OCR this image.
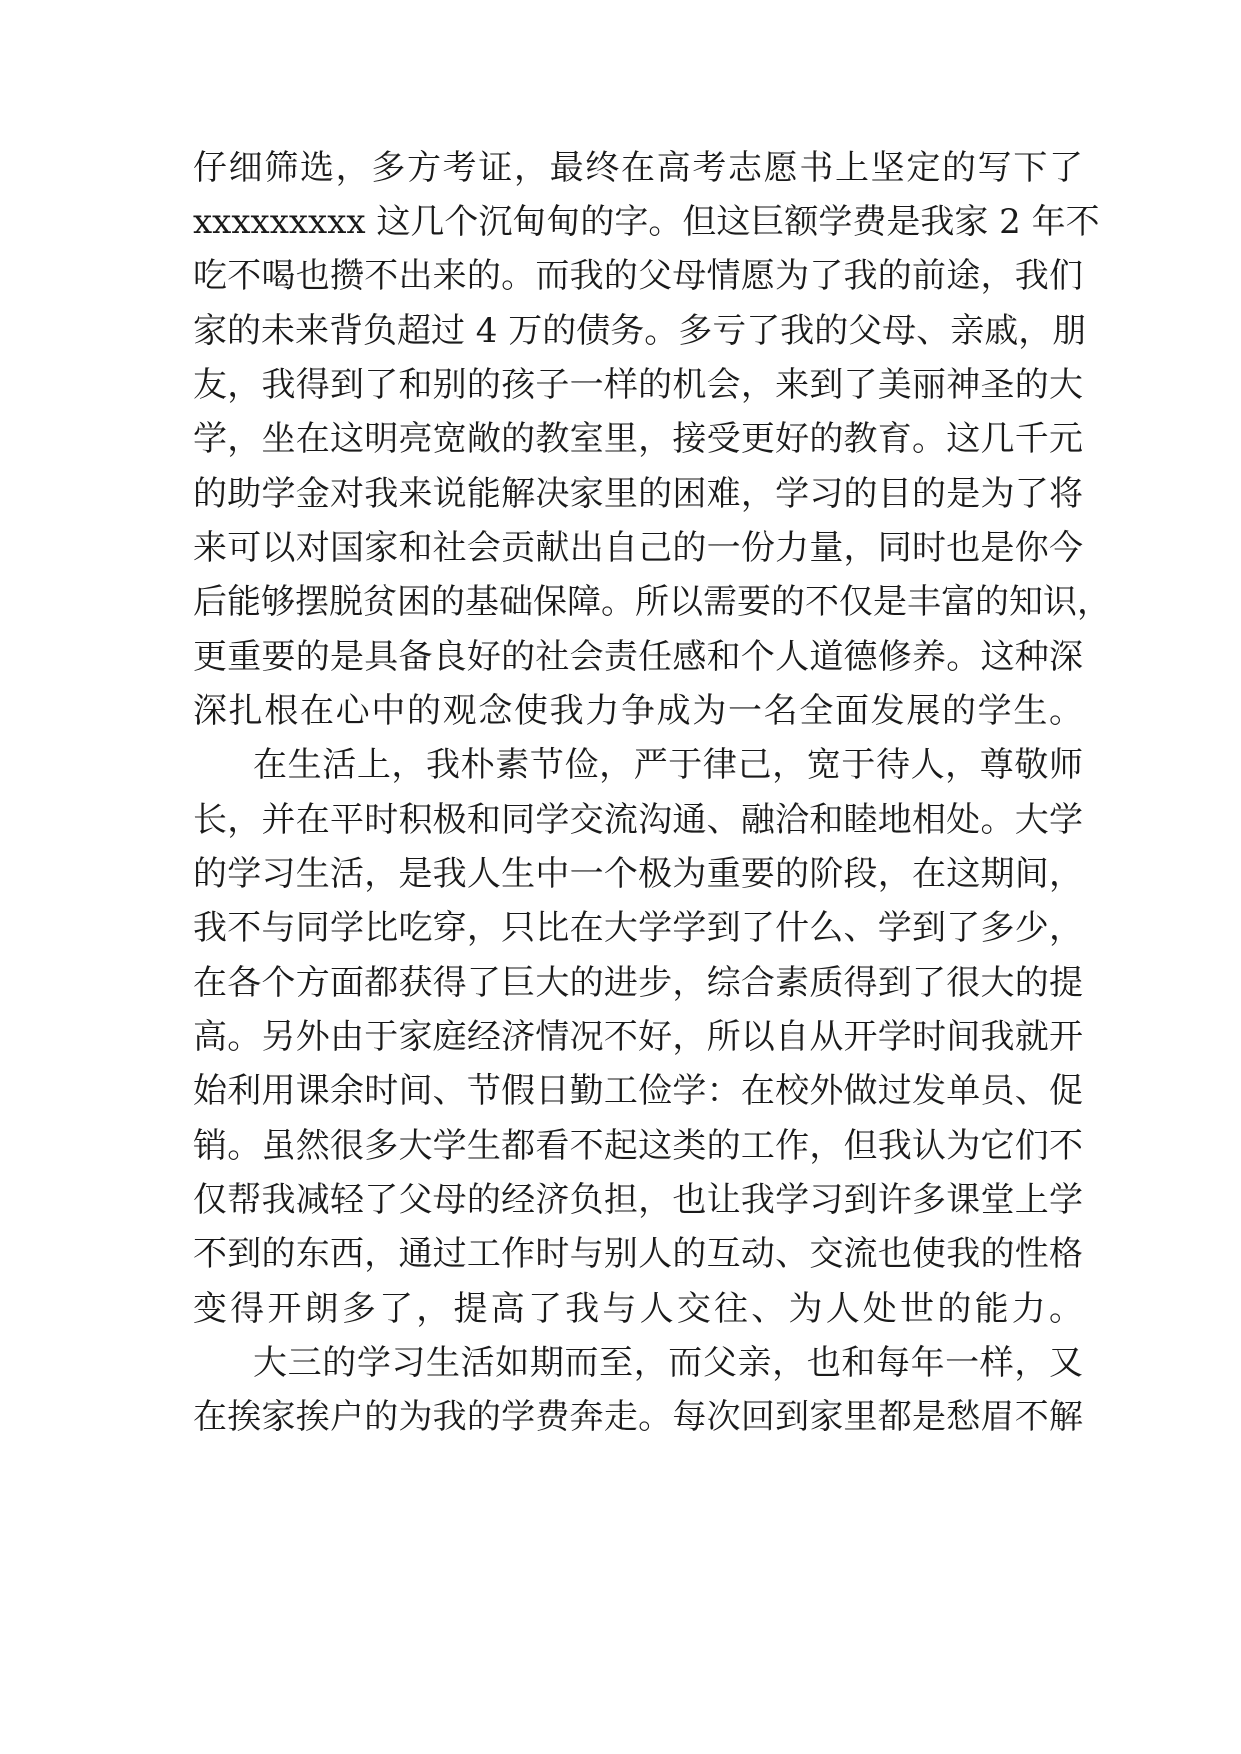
仔细筛选，多方考证，最终在高考志愿书上坚定的写下了
xxxxxxxxx 这几个沉甸甸的字。但这巨额学费是我家 2 年不
吃不喝也攒不出来的。而我的父母情愿为了我的前途，我们
家的未来背负超过 4 万的债务。多亏了我的父母、亲戚，朋
友，我得到了和别的孩子一样的机会，来到了美丽神圣的大
学，坐在这明亮宽敞的教室里，接受更好的教育。这几千元
的助学金对我来说能解决家里的困难，学习的目的是为了将
来可以对国家和社会贡献出自己的一份力量，同时也是你今
后能够摆脱贫困的基础保障。所以需要的不仅是丰富的知识，
更重要的是具备良好的社会责任感和个人道德修养。这种深
深扎根在心中的观念使我力争成为一名全面发展的学生。
在生活上，我朴素节俭，严于律己，宽于待人，尊敬师
长，并在平时积极和同学交流沟通、融洽和睦地相处。大学
的学习生活，是我人生中一个极为重要的阶段，在这期间，
我不与同学比吃穿，只比在大学学到了什么、学到了多少，
在各个方面都获得了巨大的进步，综合素质得到了很大的提
高。另外由于家庭经济情况不好，所以自从开学时间我就开
始利用课余时间、节假日勤工俭学：在校外做过发单员、促
销。虽然很多大学生都看不起这类的工作，但我认为它们不
仅帮我减轻了父母的经济负担，也让我学习到许多课堂上学
不到的东西，通过工作时与别人的互动、交流也使我的性格
变得开朗多了，提高了我与人交往、为人处世的能力。
大三的学习生活如期而至，而父亲，也和每年一样，又
在挨家挨户的为我的学费奔走。每次回到家里都是愁眉不解
